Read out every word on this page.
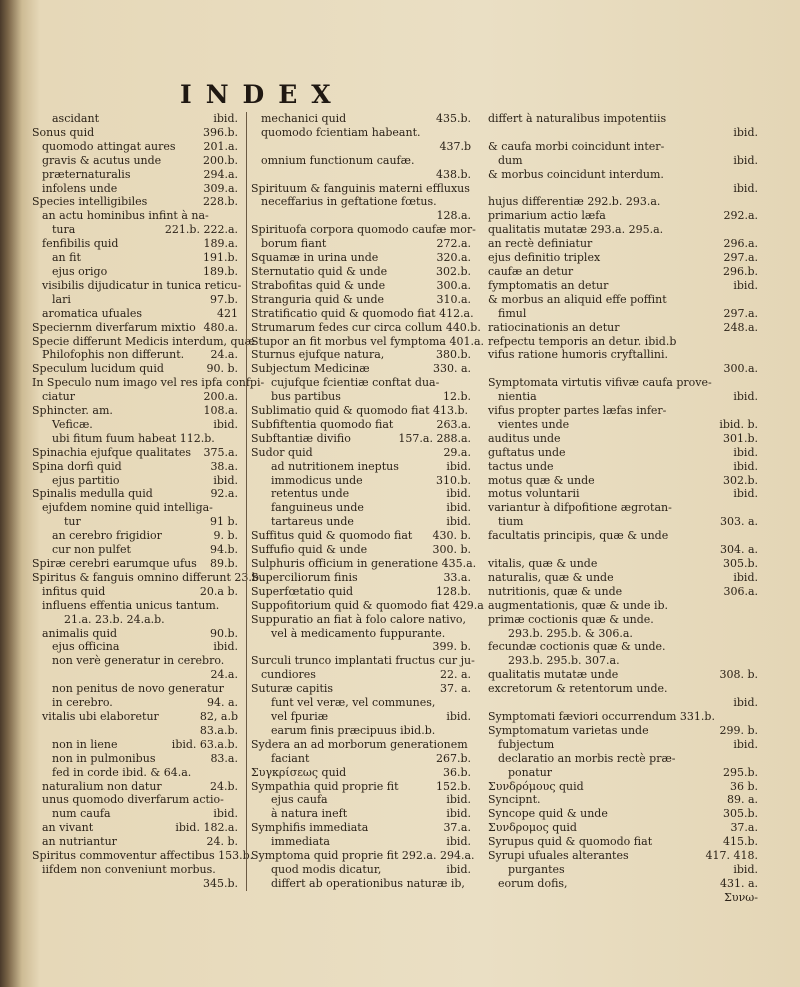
INDEX
ascidant	ibid.
Sonus quid	396.b.
quomodo attingat aures	201.a.
gravis & acutus unde	200.b.
præternaturalis	294.a.
infolens unde	309.a.
Species intelligibiles	228.b.
an actu hominibus infint à na-
tura	221.b. 222.a.
fenfibilis quid	189.a.
an fit	191.b.
ejus origo	189.b.
visibilis dijudicatur in tunica reticu-
lari	97.b.
aromatica ufuales	421
Speciernm diverfarum mixtio 480.a.
Specie differunt Medicis interdum, quæ
Philofophis non differunt.	24.a.
Speculum lucidum quid	90. b.
In Speculo num imago vel res ipfa confpi-
ciatur	200.a.
Sphincter. am.	108.a.
Veficæ.	ibid.
ubi fitum fuum habeat 112.b.
Spinachia ejufque qualitates	375.a.
Spina dorfi quid	38.a.
ejus partitio	ibid.
Spinalis medulla quid	92.a.
ejufdem nomine quid intelliga-
tur	91 b.
an cerebro frigidior	9. b.
cur non pulfet	94.b.
Spiræ cerebri earumque ufus	89.b.
Spiritus & fanguis omnino differunt 23.b.
infitus quid	20.a b.
influens effentia unicus tantum.
21.a. 23.b. 24.a.b.
animalis quid	90.b.
ejus officina	ibid.
non verè generatur in cerebro.
24.a.
non penitus de novo generatur
in cerebro.	94. a.
vitalis ubi elaboretur	82, a.b
83.a.b.
non in liene	ibid. 63.a.b.
non in pulmonibus	83.a.
fed in corde ibid. & 64.a.
naturalium non datur	24.b.
unus quomodo diverfarum actio-
num caufa	ibid.
an vivant	ibid. 182.a.
an nutriantur	24. b.
Spiritus commoventur affectibus 153.b.
iifdem non conveniunt morbus.
345.b.
mechanici quid	435.b.
quomodo fcientiam habeant.
437.b
omnium functionum caufæ.
438.b.
Spirituum & fanguinis materni effluxus
neceffarius in geftatione fœtus.
128.a.
Spirituofa corpora quomodo caufæ mor-
borum fiant	272.a.
Squamæ in urina unde	320.a.
Sternutatio quid & unde	302.b.
Strabofitas quid & unde	300.a.
Stranguria quid & unde	310.a.
Stratificatio quid & quomodo fiat 412.a.
Strumarum fedes cur circa collum 440.b.
Stupor an fit morbus vel fymptoma 401.a.
Sturnus ejufque natura,	380.b.
Subjectum Medicinæ	330. a.
cujufque fcientiæ conftat dua-
bus partibus	12.b.
Sublimatio quid & quomodo fiat 413.b.
Subfiftentia quomodo fiat	263.a.
Subftantiæ divifio	157.a. 288.a.
Sudor quid	29.a.
ad nutritionem ineptus	ibid.
immodicus unde	310.b.
retentus unde	ibid.
fanguineus unde	ibid.
tartareus unde	ibid.
Suffitus quid & quomodo fiat	430. b.
Suffufio quid & unde	300. b.
Sulphuris officium in generatione 435.a.
Superciliorum finis	33.a.
Superfœtatio quid	128.b.
Suppofitorium quid & quomodo fiat 429.a
Suppuratio an fiat à folo calore nativo,
vel à medicamento fuppurante.
399. b.
Surculi trunco implantati fructus cur ju-
cundiores	22. a.
Suturæ capitis	37. a.
funt vel veræ, vel communes,
vel fpuriæ	ibid.
earum finis præcipuus ibid.b.
Sydera an ad morborum generationem
faciant	267.b.
Συγκρίσεως quid	36.b.
Sympathia quid proprie fit	152.b.
ejus caufa	ibid.
à natura ineft	ibid.
Symphifis immediata	37.a.
immediata	ibid.
Symptoma quid proprie fit 292.a. 294.a.
quod modis dicatur,	ibid.
differt ab operationibus naturæ ib,
differt à naturalibus impotentiis
ibid.
& caufa morbi coincidunt inter-
dum	ibid.
& morbus coincidunt interdum.
ibid.
hujus differentiæ 292.b. 293.a.
primarium actio læfa	292.a.
qualitatis mutatæ 293.a. 295.a.
an rectè definiatur	296.a.
ejus definitio triplex	297.a.
caufæ an detur	296.b.
fymptomatis an detur	ibid.
& morbus an aliquid effe poffint
fimul	297.a.
ratiocinationis an detur	248.a.
refpectu temporis an detur. ibid.b
vifus ratione humoris cryftallini.
300.a.
Symptomata virtutis vifivæ caufa prove-
nientia	ibid.
vifus propter partes læfas infer-
vientes unde	ibid. b.
auditus unde	301.b.
guftatus unde	ibid.
tactus unde	ibid.
motus quæ & unde	302.b.
motus voluntarii	ibid.
variantur à difpofitione ægrotan-
tium	303. a.
facultatis principis, quæ & unde
304. a.
vitalis, quæ & unde	305.b.
naturalis, quæ & unde	ibid.
nutritionis, quæ & unde	306.a.
augmentationis, quæ & unde ib.
primæ coctionis quæ & unde.
293.b. 295.b. & 306.a.
fecundæ coctionis quæ & unde.
293.b. 295.b. 307.a.
qualitatis mutatæ unde	308. b.
excretorum & retentorum unde.
ibid.
Symptomati fæviori occurrendum 331.b.
Symptomatum varietas unde	299. b.
fubjectum	ibid.
declaratio an morbis rectè præ-
ponatur	295.b.
Συνδρόμους quid	36 b.
Syncipnt.	89. a.
Syncope quid & unde	305.b.
Συνδρομος quid	37.a.
Syrupus quid & quomodo fiat	415.b.
Syrupi ufuales alterantes	417. 418.
purgantes	ibid.
eorum dofis,	431. a.
Συνω-
